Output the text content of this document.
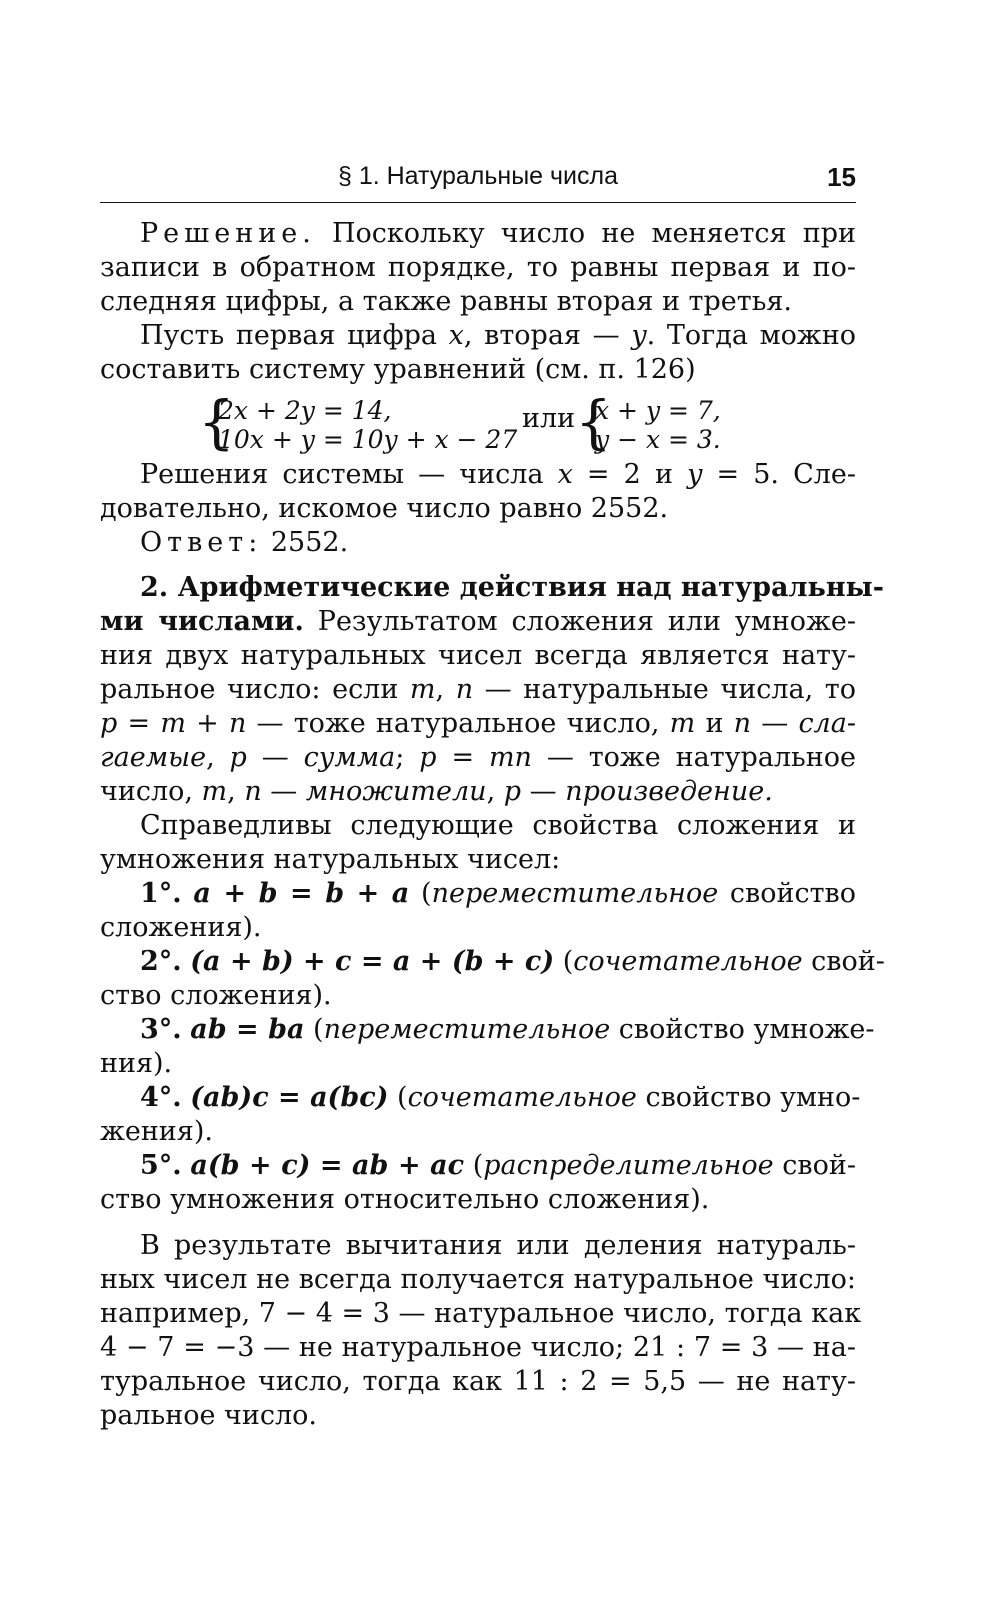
§ 1. Натуральные числа	15
Решение. Поскольку число не меняется при
записи в обратном порядке, то равны первая и по-
следняя цифры, а также равны вторая и третья.
Пусть первая цифра x, вторая — y. Тогда можно
составить систему уравнений (см. п. 126)
{
2x + 2y = 14,
10x + y = 10y + x − 27
или {
x + y = 7,
y − x = 3.
Решения системы — числа x = 2 и y = 5. Сле-
довательно, искомое число равно 2552.
Ответ: 2552.
2. Арифметические действия над натуральны-
ми числами. Результатом сложения или умноже-
ния двух натуральных чисел всегда является нату-
ральное число: если m, n — натуральные числа, то
p = m + n — тоже натуральное число, m и n — сла-
гаемые, p — сумма; p = mn — тоже натуральное
число, m, n — множители, p — произведение.
Справедливы следующие свойства сложения и
умножения натуральных чисел:
1°. a + b = b + a (переместительное свойство
сложения).
2°. (a + b) + c = a + (b + c) (сочетательное свой-
ство сложения).
3°. ab = ba (переместительное свойство умноже-
ния).
4°. (ab)c = a(bc) (сочетательное свойство умно-
жения).
5°. a(b + c) = ab + ac (распределительное свой-
ство умножения относительно сложения).
В результате вычитания или деления натураль-
ных чисел не всегда получается натуральное число:
например, 7 − 4 = 3 — натуральное число, тогда как
4 − 7 = −3 — не натуральное число; 21 : 7 = 3 — на-
туральное число, тогда как 11 : 2 = 5,5 — не нату-
ральное число.
